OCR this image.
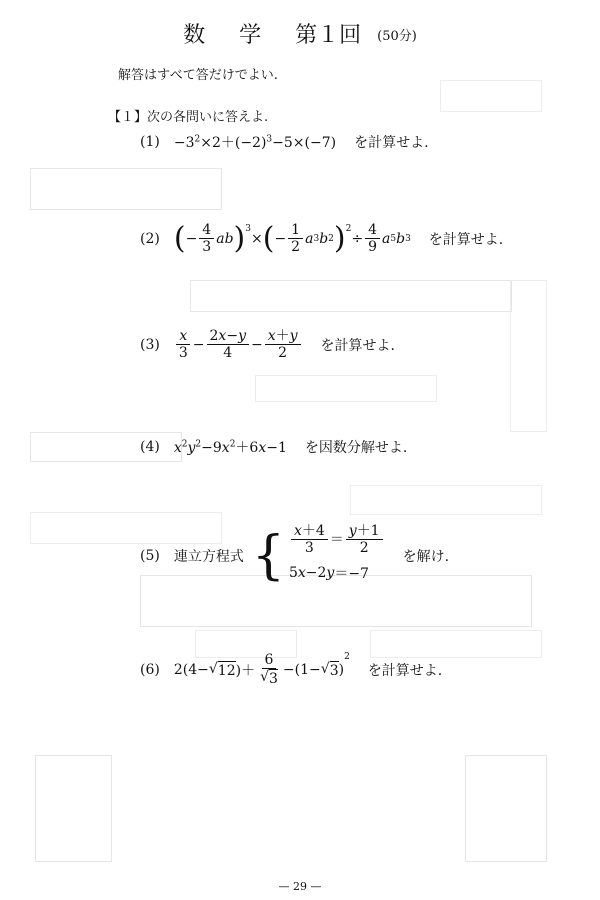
数 学 第１回 (50分)
解答はすべて答だけでよい.
【１】次の各問いに答えよ.
$(1) -3^2\times 2+(-2)^3-5\times(-7)$ を計算せよ.
(2) ( − $\frac{4}{3}$ ab )$^3$
× ( − $\frac{1}{2}$ a 3 b 2 )$^2$
÷ $\frac{4}{9}$ a 5 b 3 を計算せよ.
$(3) \frac{x}{3} - \frac{2x-y}{4} - \frac{x+y}{2}$ を計算せよ.
(4) $x^2y^2-9x^2+6x-1$ を因数分解せよ.
(5) 連立方程式 { $\frac{x+4}{3} = \frac{y+1}{2}$
5 x −2 y ＝−7
を解け.
(6) 2(4− √ 12 )＋ $\frac{6}{√ 3} -(1-$ √ 3 )
$^2$
を計算せよ.
— 29 —
